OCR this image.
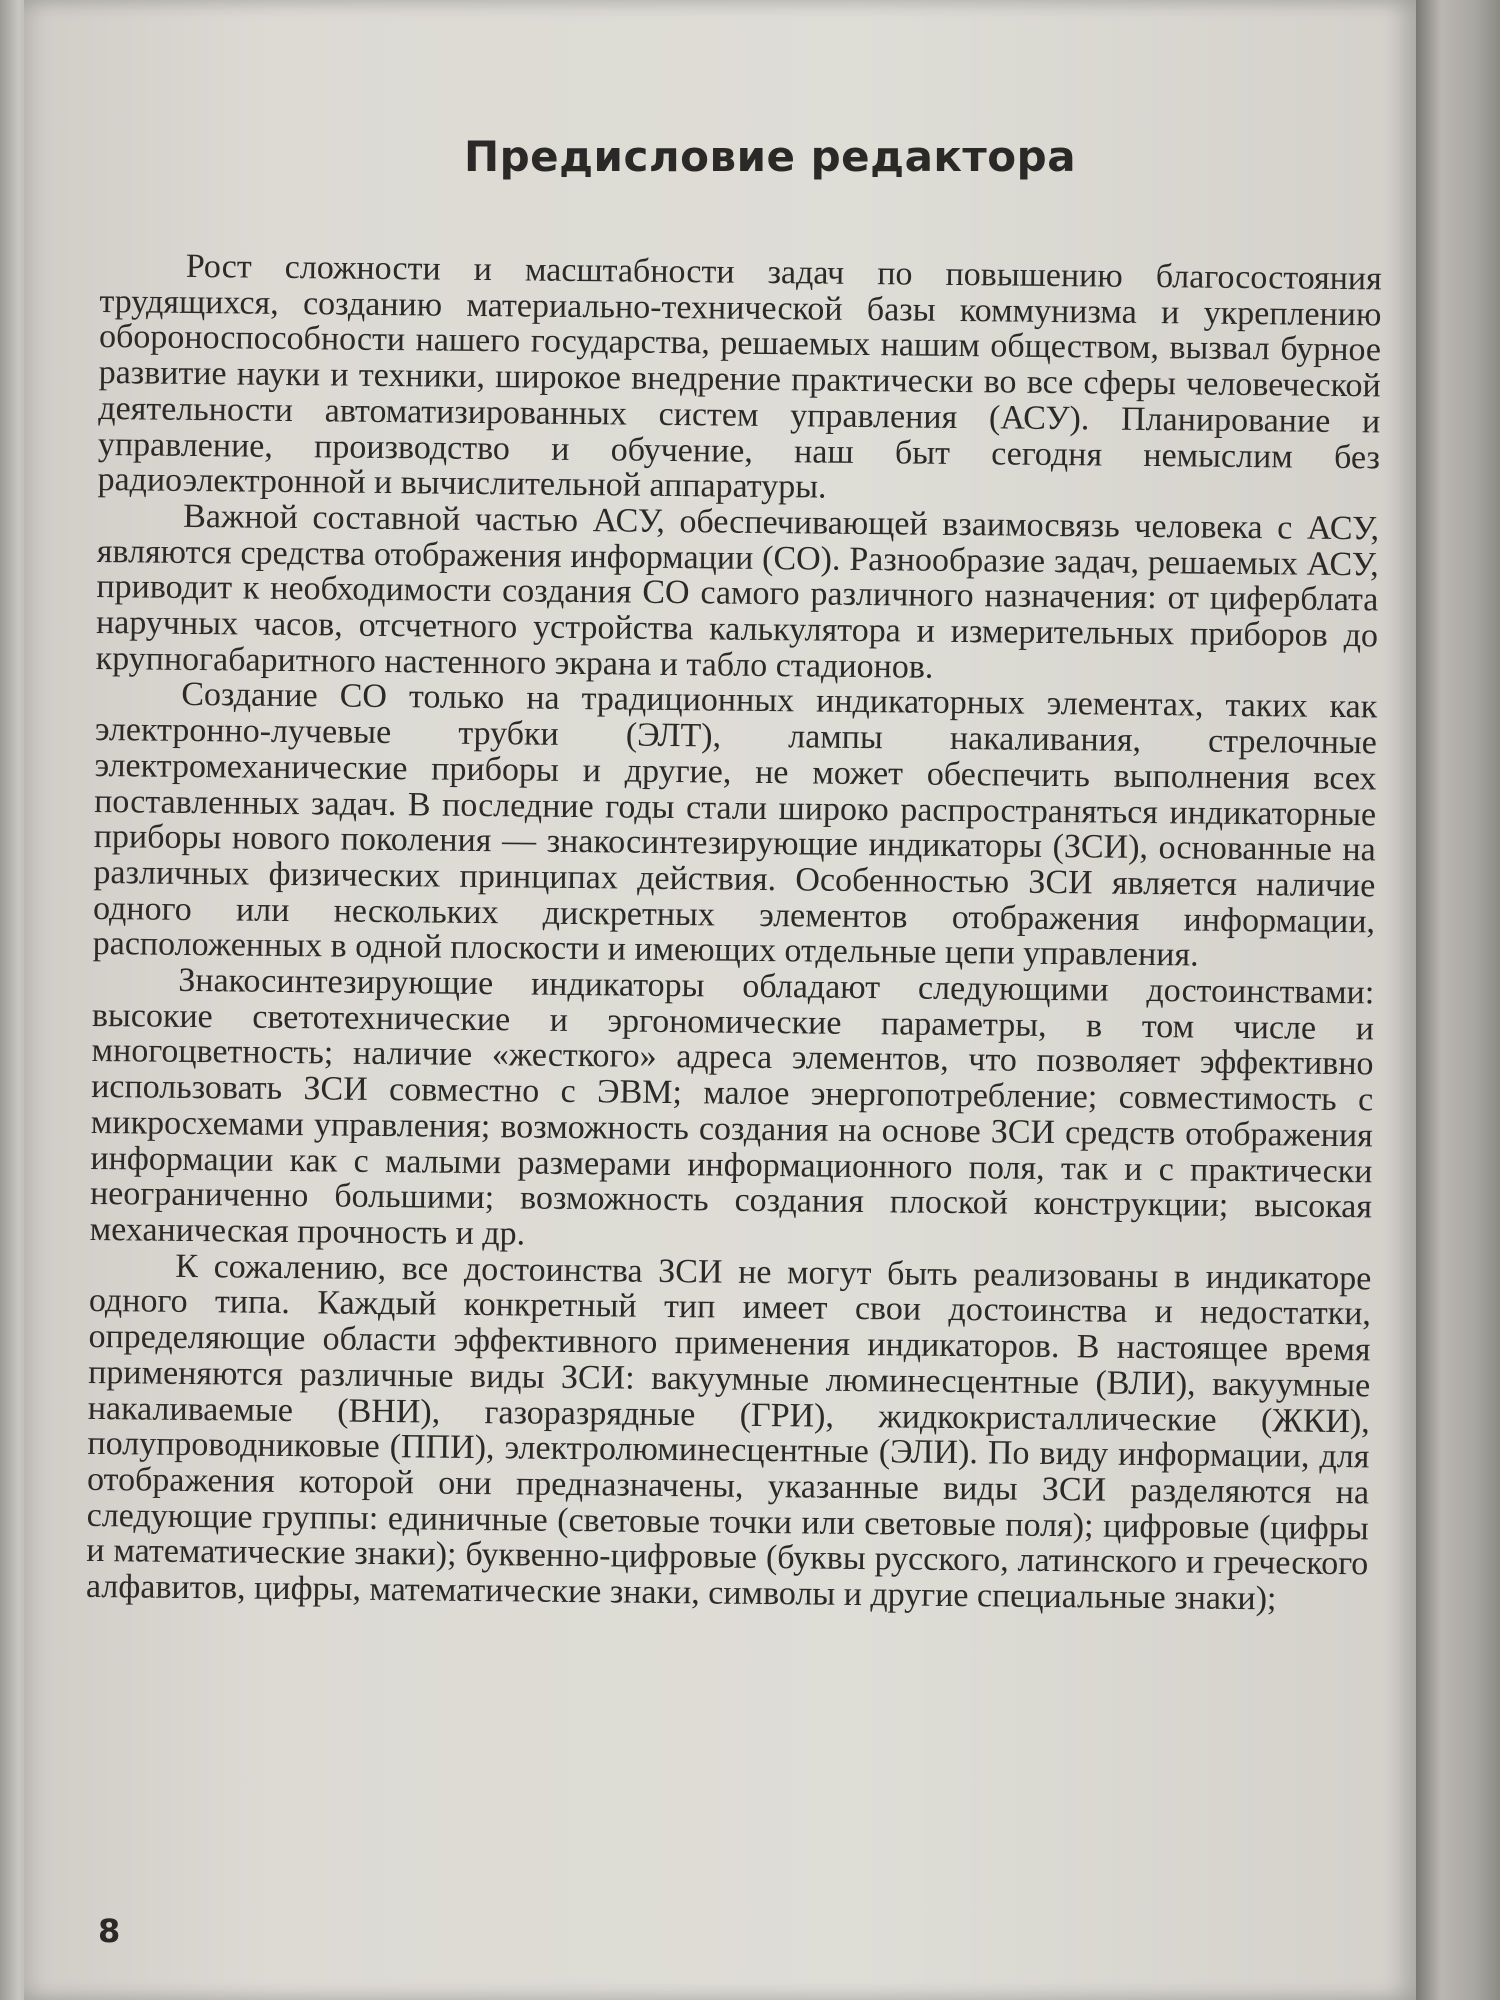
Предисловие редактора

Рост сложности и масштабности задач по повышению благосостояния трудящихся, созданию материально-технической базы коммунизма и укреплению обороноспособности нашего государства, решаемых нашим обществом, вызвал бурное развитие науки и техники, широкое внедрение практически во все сферы человеческой деятельности автоматизированных систем управления (АСУ). Планирование и управление, производство и обучение, наш быт сегодня немыслим без радиоэлектронной и вычислительной аппаратуры.

Важной составной частью АСУ, обеспечивающей взаимосвязь человека с АСУ, являются средства отображения информации (СО). Разнообразие задач, решаемых АСУ, приводит к необходимости создания СО самого различного назначения: от циферблата наручных часов, отсчетного устройства калькулятора и измерительных приборов до крупногабаритного настенного экрана и табло стадионов.

Создание СО только на традиционных индикаторных элементах, таких как электронно-лучевые трубки (ЭЛТ), лампы накаливания, стрелочные электромеханические приборы и другие, не может обеспечить выполнения всех поставленных задач. В последние годы стали широко распространяться индикаторные приборы нового поколения — знакосинтезирующие индикаторы (ЗСИ), основанные на различных физических принципах действия. Особенностью ЗСИ является наличие одного или нескольких дискретных элементов отображения информации, расположенных в одной плоскости и имеющих отдельные цепи управления.

Знакосинтезирующие индикаторы обладают следующими достоинствами: высокие светотехнические и эргономические параметры, в том числе и многоцветность; наличие «жесткого» адреса элементов, что позволяет эффективно использовать ЗСИ совместно с ЭВМ; малое энергопотребление; совместимость с микросхемами управления; возможность создания на основе ЗСИ средств отображения информации как с малыми размерами информационного поля, так и с практически неограниченно большими; возможность создания плоской конструкции; высокая механическая прочность и др.

К сожалению, все достоинства ЗСИ не могут быть реализованы в индикаторе одного типа. Каждый конкретный тип имеет свои достоинства и недостатки, определяющие области эффективного применения индикаторов. В настоящее время применяются различные виды ЗСИ: вакуумные люминесцентные (ВЛИ), вакуумные накаливаемые (ВНИ), газоразрядные (ГРИ), жидкокристаллические (ЖКИ), полупроводниковые (ППИ), электролюминесцентные (ЭЛИ). По виду информации, для отображения которой они предназначены, указанные виды ЗСИ разделяются на следующие группы: единичные (световые точки или световые поля); цифровые (цифры и математические знаки); буквенно-цифровые (буквы русского, латинского и греческого алфавитов, цифры, математические знаки, символы и другие специальные знаки);

8
